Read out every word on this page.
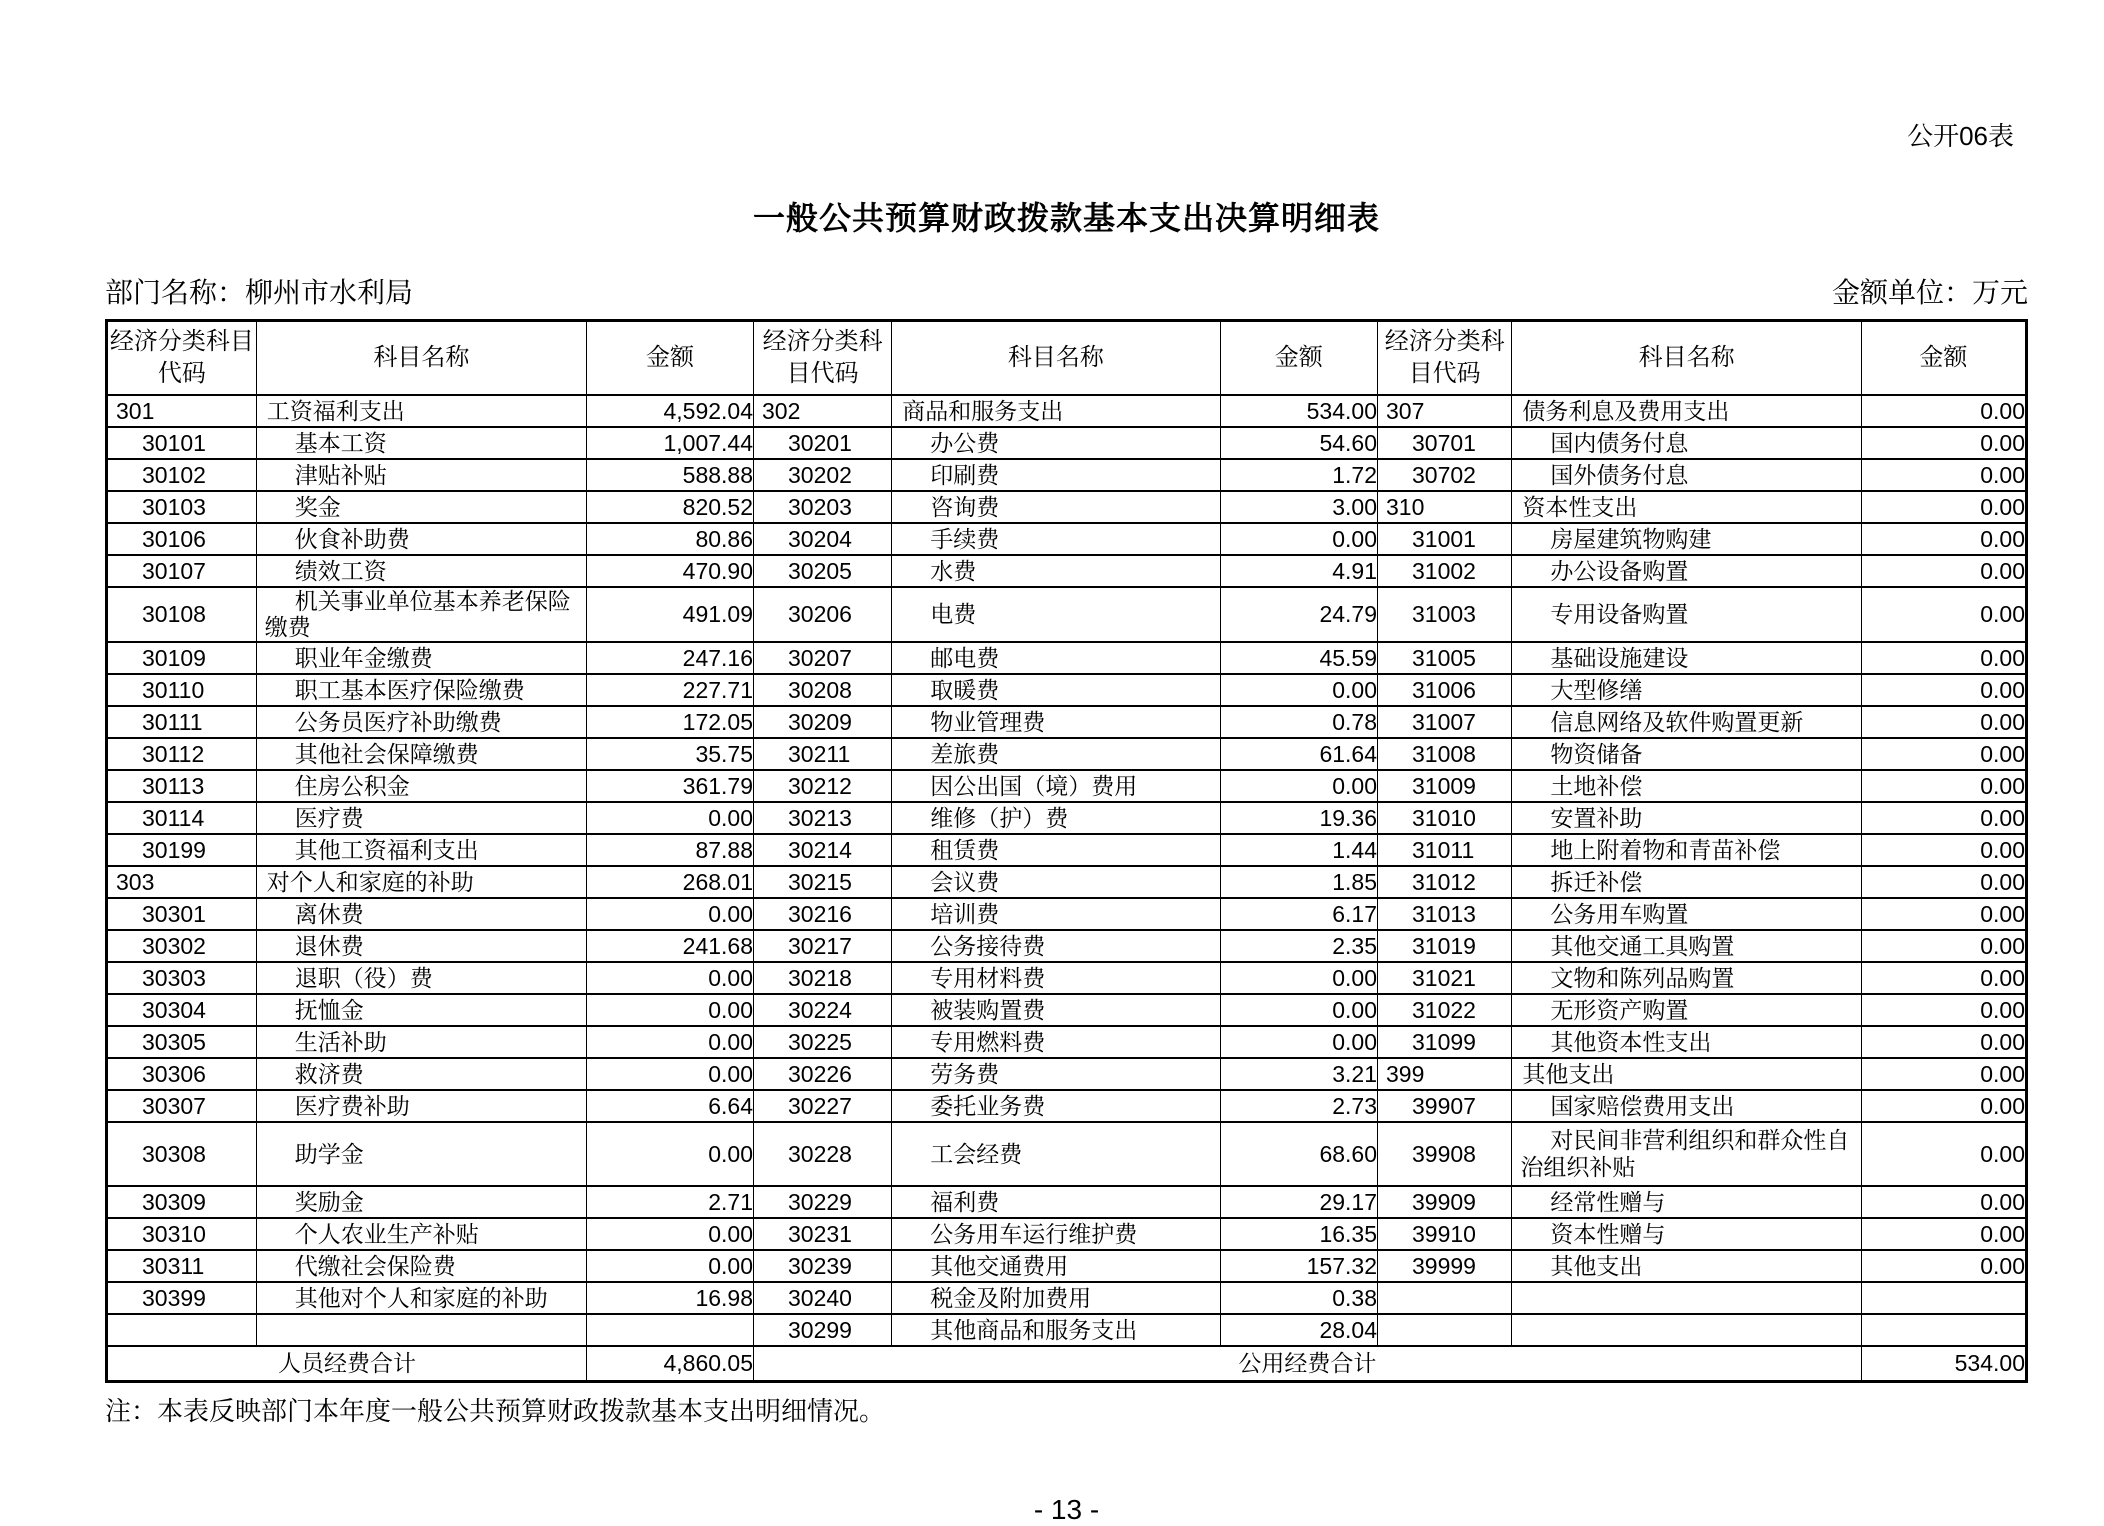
公开06表
一般公共预算财政拨款基本支出决算明细表
部门名称：柳州市水利局	金额单位：万元
经济分类科目代码	科目名称	金额	经济分类科目代码	科目名称	金额	经济分类科目代码	科目名称	金额
301	工资福利支出	4,592.04	302	商品和服务支出	534.00	307	债务利息及费用支出	0.00
30101	基本工资	1,007.44	30201	办公费	54.60	30701	国内债务付息	0.00
30102	津贴补贴	588.88	30202	印刷费	1.72	30702	国外债务付息	0.00
30103	奖金	820.52	30203	咨询费	3.00	310	资本性支出	0.00
30106	伙食补助费	80.86	30204	手续费	0.00	31001	房屋建筑物购建	0.00
30107	绩效工资	470.90	30205	水费	4.91	31002	办公设备购置	0.00
30108	机关事业单位基本养老保险缴费	491.09	30206	电费	24.79	31003	专用设备购置	0.00
30109	职业年金缴费	247.16	30207	邮电费	45.59	31005	基础设施建设	0.00
30110	职工基本医疗保险缴费	227.71	30208	取暖费	0.00	31006	大型修缮	0.00
30111	公务员医疗补助缴费	172.05	30209	物业管理费	0.78	31007	信息网络及软件购置更新	0.00
30112	其他社会保障缴费	35.75	30211	差旅费	61.64	31008	物资储备	0.00
30113	住房公积金	361.79	30212	因公出国（境）费用	0.00	31009	土地补偿	0.00
30114	医疗费	0.00	30213	维修（护）费	19.36	31010	安置补助	0.00
30199	其他工资福利支出	87.88	30214	租赁费	1.44	31011	地上附着物和青苗补偿	0.00
303	对个人和家庭的补助	268.01	30215	会议费	1.85	31012	拆迁补偿	0.00
30301	离休费	0.00	30216	培训费	6.17	31013	公务用车购置	0.00
30302	退休费	241.68	30217	公务接待费	2.35	31019	其他交通工具购置	0.00
30303	退职（役）费	0.00	30218	专用材料费	0.00	31021	文物和陈列品购置	0.00
30304	抚恤金	0.00	30224	被装购置费	0.00	31022	无形资产购置	0.00
30305	生活补助	0.00	30225	专用燃料费	0.00	31099	其他资本性支出	0.00
30306	救济费	0.00	30226	劳务费	3.21	399	其他支出	0.00
30307	医疗费补助	6.64	30227	委托业务费	2.73	39907	国家赔偿费用支出	0.00
30308	助学金	0.00	30228	工会经费	68.60	39908	对民间非营利组织和群众性自治组织补贴	0.00
30309	奖励金	2.71	30229	福利费	29.17	39909	经常性赠与	0.00
30310	个人农业生产补贴	0.00	30231	公务用车运行维护费	16.35	39910	资本性赠与	0.00
30311	代缴社会保险费	0.00	30239	其他交通费用	157.32	39999	其他支出	0.00
30399	其他对个人和家庭的补助	16.98	30240	税金及附加费用	0.38			
			30299	其他商品和服务支出	28.04			
人员经费合计		4,860.05	公用经费合计					534.00
注：本表反映部门本年度一般公共预算财政拨款基本支出明细情况。
- 13 -
